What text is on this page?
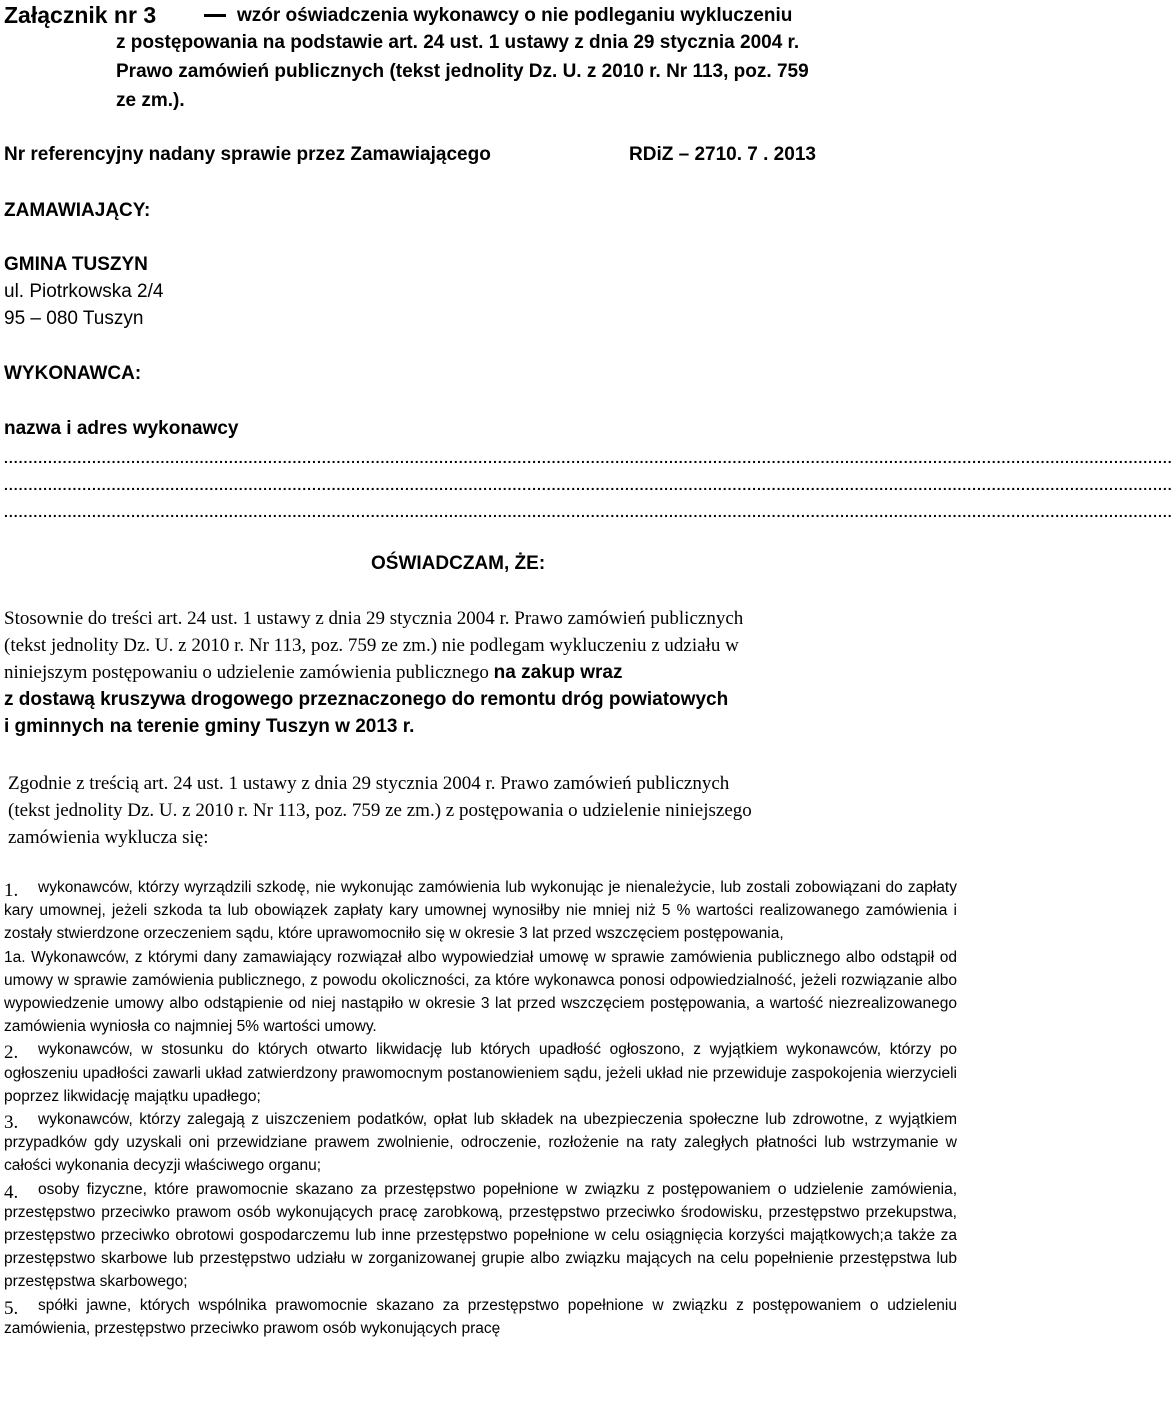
Załącznik nr 3	wzór oświadczenia wykonawcy o nie podleganiu wykluczeniu
z postępowania na podstawie art. 24 ust. 1 ustawy z dnia 29 stycznia 2004 r.
Prawo zamówień publicznych (tekst jednolity Dz. U. z 2010 r. Nr 113, poz. 759
ze zm.).
Nr referencyjny nadany sprawie przez Zamawiającego	RDiZ – 2710. 7 . 2013
ZAMAWIAJĄCY:
GMINA TUSZYN
ul. Piotrkowska 2/4
95 – 080 Tuszyn
WYKONAWCA:
nazwa i adres wykonawcy
...............................................................................................................................................................................................................................................
...............................................................................................................................................................................................................................................
...............................................................................................................................................................................................................................................
OŚWIADCZAM, ŻE:
Stosownie do treści art. 24 ust. 1 ustawy z dnia 29 stycznia 2004 r. Prawo zamówień publicznych
(tekst jednolity Dz. U. z 2010 r. Nr 113, poz. 759 ze zm.) nie podlegam wykluczeniu z udziału w
niniejszym postępowaniu o udzielenie zamówienia publicznego na zakup wraz
z dostawą kruszywa drogowego przeznaczonego do remontu dróg powiatowych
i gminnych na terenie gminy Tuszyn w 2013 r.
Zgodnie z treścią art. 24 ust. 1 ustawy z dnia 29 stycznia 2004 r. Prawo zamówień publicznych
(tekst jednolity Dz. U. z 2010 r. Nr 113, poz. 759 ze zm.) z postępowania o udzielenie niniejszego
zamówienia wyklucza się:
1. wykonawców, którzy wyrządzili szkodę, nie wykonując zamówienia lub wykonując je nienależycie, lub zostali zobowiązani do zapłaty kary umownej, jeżeli szkoda ta lub obowiązek zapłaty kary umownej wynosiłby nie mniej niż 5 % wartości realizowanego zamówienia i zostały stwierdzone orzeczeniem sądu, które uprawomocniło się w okresie 3 lat przed wszczęciem postępowania,
1a. Wykonawców, z którymi dany zamawiający rozwiązał albo wypowiedział umowę w sprawie zamówienia publicznego albo odstąpił od umowy w sprawie zamówienia publicznego, z powodu okoliczności, za które wykonawca ponosi odpowiedzialność, jeżeli rozwiązanie albo wypowiedzenie umowy albo odstąpienie od niej nastąpiło w okresie 3 lat przed wszczęciem postępowania, a wartość niezrealizowanego zamówienia wyniosła co najmniej 5% wartości umowy.
2. wykonawców, w stosunku do których otwarto likwidację lub których upadłość ogłoszono, z wyjątkiem wykonawców, którzy po ogłoszeniu upadłości zawarli układ zatwierdzony prawomocnym postanowieniem sądu, jeżeli układ nie przewiduje zaspokojenia wierzycieli poprzez likwidację majątku upadłego;
3. wykonawców, którzy zalegają z uiszczeniem podatków, opłat lub składek na ubezpieczenia społeczne lub zdrowotne, z wyjątkiem przypadków gdy uzyskali oni przewidziane prawem zwolnienie, odroczenie, rozłożenie na raty zaległych płatności lub wstrzymanie w całości wykonania decyzji właściwego organu;
4. osoby fizyczne, które prawomocnie skazano za przestępstwo popełnione w związku z postępowaniem o udzielenie zamówienia, przestępstwo przeciwko prawom osób wykonujących pracę zarobkową, przestępstwo przeciwko środowisku, przestępstwo przekupstwa, przestępstwo przeciwko obrotowi gospodarczemu lub inne przestępstwo popełnione w celu osiągnięcia korzyści majątkowych;a także za przestępstwo skarbowe lub przestępstwo udziału w zorganizowanej grupie albo związku mających na celu popełnienie przestępstwa lub przestępstwa skarbowego;
5. spółki jawne, których wspólnika prawomocnie skazano za przestępstwo popełnione w związku z postępowaniem o udzieleniu zamówienia, przestępstwo przeciwko prawom osób wykonujących pracę
